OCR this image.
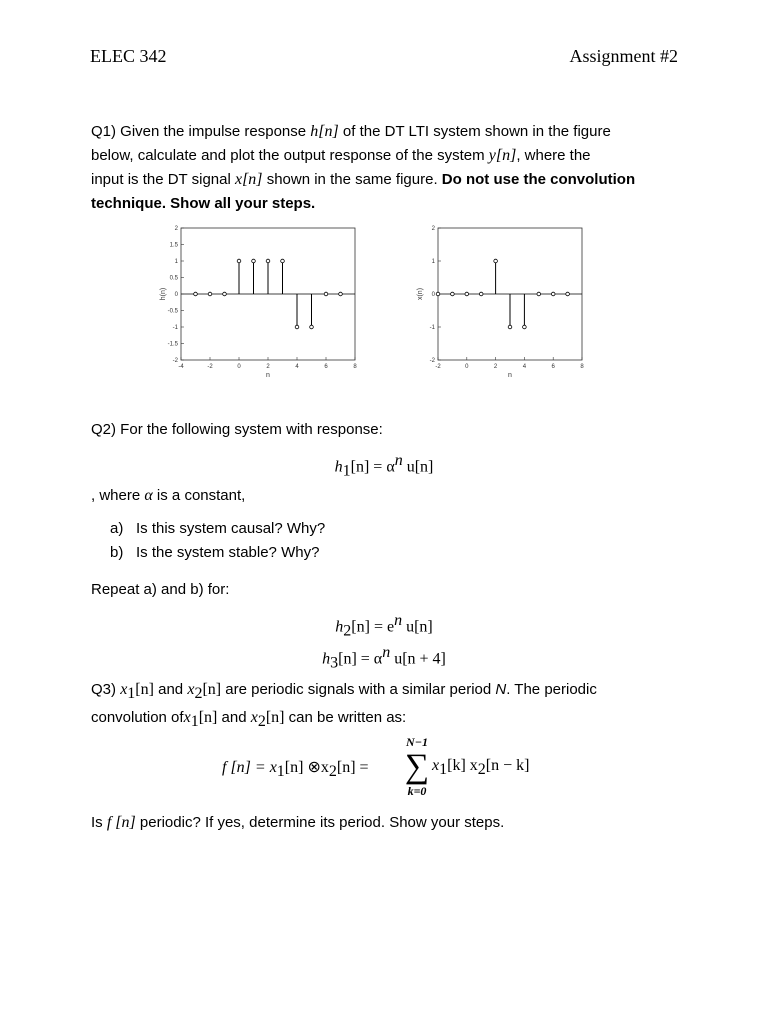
ELEC 342	Assignment #2
Q1) Given the impulse response h[n] of the DT LTI system shown in the figure
below, calculate and plot the output response of the system y[n], where the
input is the DT signal x[n] shown in the same figure. Do not use the convolution
technique. Show all your steps.
-4	-2	0	2	4	6	8
2
1.5
1
0.5
0
-0.5
-1
-1.5
-2
n
h(n)
-2	0	2	4	6	8
2
1
0
-1
-2
n
x(n)
Q2) For the following system with response:
$h_1[n] = \alpha^n$ u[n]
, where α is a constant,
a) Is this system causal? Why?
b) Is the system stable? Why?
Repeat a) and b) for:
$h_2[n] = e^n$ u[n]
$h_3[n] = \alpha^n$ u[n + 4]
Q3) $x_1[n]$ and $x_2[n]$ are periodic signals with a similar period N. The periodic
convolution ofx$_1$[n] and $x_2[n]$ can be written as:
f $[n] = x_1[n]$ $\otimes x_2[n]$ =
N−1
∑
k=0
$x_1[k] x_2[n - k]$
Is f [n] periodic? If yes, determine its period. Show your steps.
